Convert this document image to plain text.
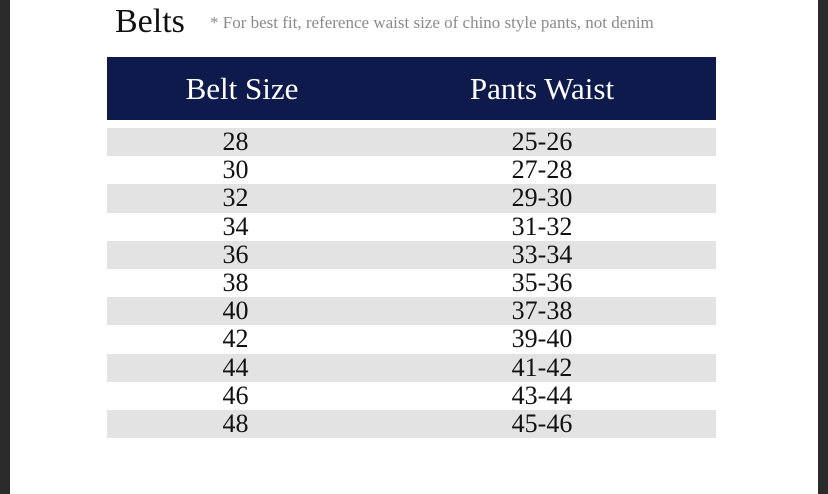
Belts * For best fit, reference waist size of chino style pants, not denim
Belt Size	Pants Waist
28	25-26
30	27-28
32	29-30
34	31-32
36	33-34
38	35-36
40	37-38
42	39-40
44	41-42
46	43-44
48	45-46
